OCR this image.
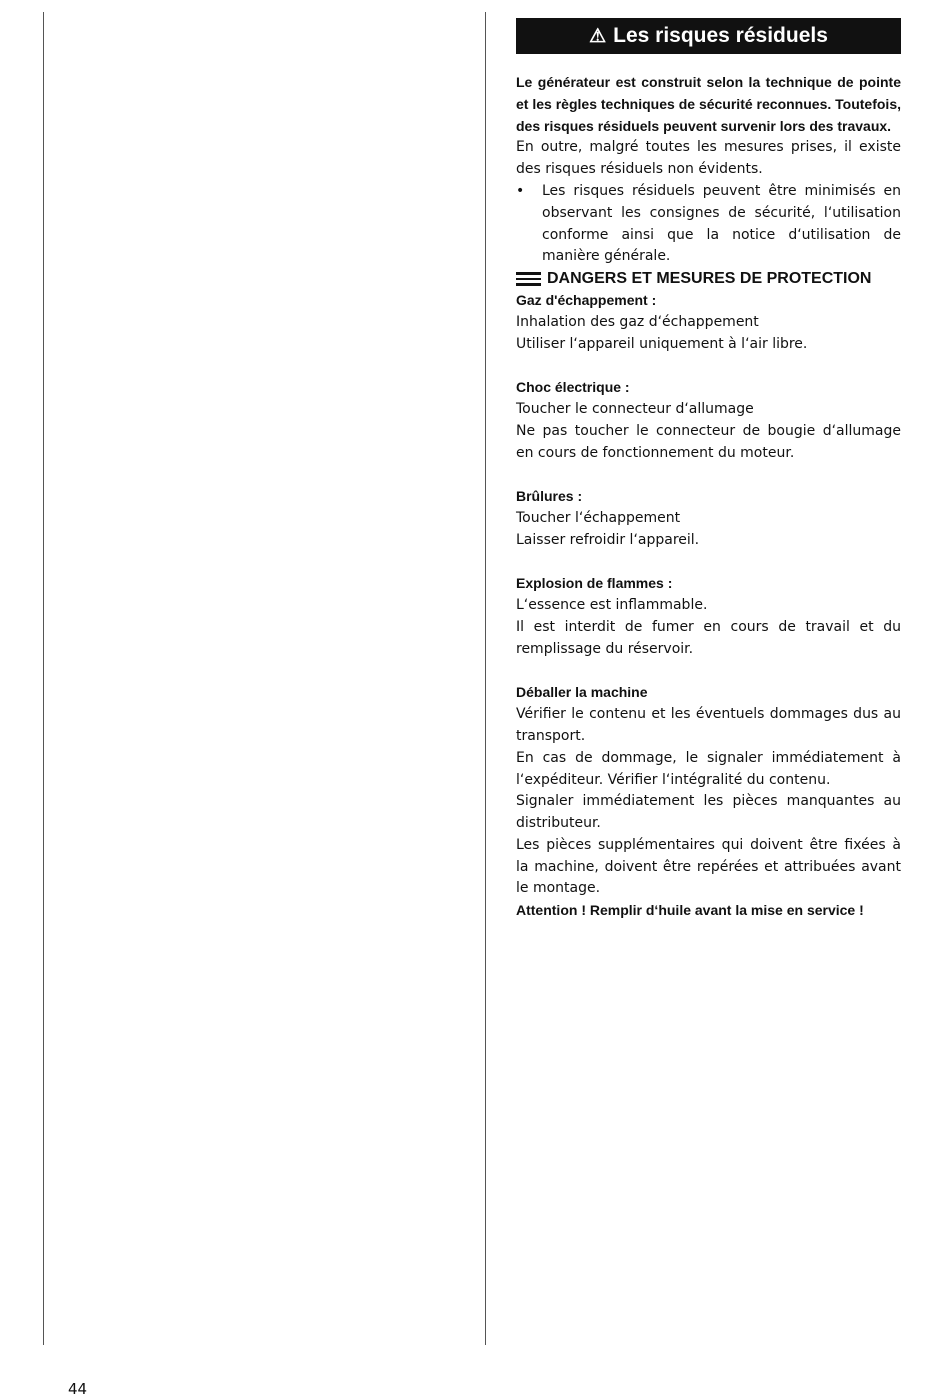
⚠ Les risques résiduels

Le générateur est construit selon la technique de pointe et les règles techniques de sécurité reconnues. Toutefois, des risques résiduels peuvent survenir lors des travaux.

En outre, malgré toutes les mesures prises, il existe des risques résiduels non évidents.

•	Les risques résiduels peuvent être minimisés en observant les consignes de sécurité, l‘utilisation conforme ainsi que la notice d‘utilisation de manière générale.
DANGERS ET MESURES DE PROTECTION

Gaz d'échappement :

Inhalation des gaz d‘échappement

Utiliser l‘appareil uniquement à l‘air libre.

Choc électrique :

Toucher le connecteur d‘allumage

Ne pas toucher le connecteur de bougie d‘allumage en cours de fonctionnement du moteur.

Brûlures :

Toucher l‘échappement

Laisser refroidir l‘appareil.

Explosion de flammes :

L‘essence est inflammable.

Il est interdit de fumer en cours de travail et du remplissage du réservoir.

Déballer la machine

Vérifier le contenu et les éventuels dommages dus au transport.

En cas de dommage, le signaler immédiatement à l‘expéditeur. Vérifier l‘intégralité du contenu.

Signaler immédiatement les pièces manquantes au distributeur.

Les pièces supplémentaires qui doivent être fixées à la machine, doivent être repérées et attribuées avant le montage.

Attention ! Remplir d‘huile avant la mise en service !

44
